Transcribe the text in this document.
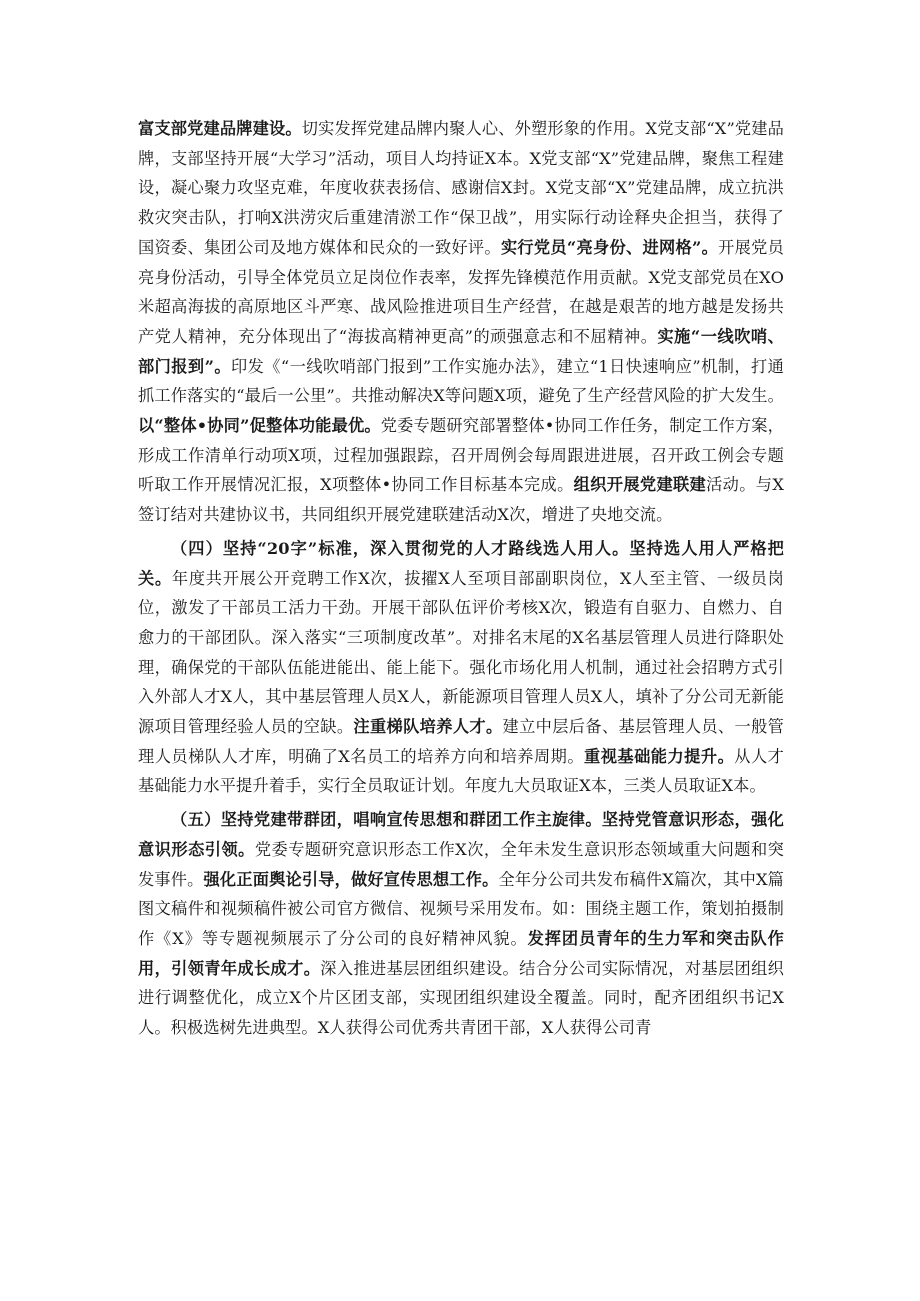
富支部党建品牌建设。切实发挥党建品牌内聚人心、外塑形象的作用。X党支部“X”党建品牌，支部坚持开展“大学习”活动，项目人均持证X本。X党支部“X”党建品牌，聚焦工程建设，凝心聚力攻坚克难，年度收获表扬信、感谢信X封。X党支部“X”党建品牌，成立抗洪救灾突击队，打响X洪涝灾后重建清淤工作“保卫战”，用实际行动诠释央企担当，获得了国资委、集团公司及地方媒体和民众的一致好评。实行党员“亮身份、进网格”。开展党员亮身份活动，引导全体党员立足岗位作表率，发挥先锋模范作用贡献。X党支部党员在XO米超高海拔的高原地区斗严寒、战风险推进项目生产经营，在越是艰苦的地方越是发扬共产党人精神，充分体现出了“海拔高精神更高”的顽强意志和不屈精神。实施“一线吹哨、部门报到”。印发《“一线吹哨部门报到”工作实施办法》，建立“1日快速响应”机制，打通抓工作落实的“最后一公里”。共推动解决X等问题X项，避免了生产经营风险的扩大发生。以“整体•协同”促整体功能最优。党委专题研究部署整体•协同工作任务，制定工作方案，形成工作清单行动项X项，过程加强跟踪，召开周例会每周跟进进展，召开政工例会专题听取工作开展情况汇报，X项整体•协同工作目标基本完成。组织开展党建联建活动。与X签订结对共建协议书，共同组织开展党建联建活动X次，增进了央地交流。

（四）坚持“20字”标准，深入贯彻党的人才路线选人用人。坚持选人用人严格把关。年度共开展公开竞聘工作X次，拔擢X人至项目部副职岗位，X人至主管、一级员岗位，激发了干部员工活力干劲。开展干部队伍评价考核X次，锻造有自驱力、自燃力、自愈力的干部团队。深入落实“三项制度改革”。对排名末尾的X名基层管理人员进行降职处理，确保党的干部队伍能进能出、能上能下。强化市场化用人机制，通过社会招聘方式引入外部人才X人，其中基层管理人员X人，新能源项目管理人员X人，填补了分公司无新能源项目管理经验人员的空缺。注重梯队培养人才。建立中层后备、基层管理人员、一般管理人员梯队人才库，明确了X名员工的培养方向和培养周期。重视基础能力提升。从人才基础能力水平提升着手，实行全员取证计划。年度九大员取证X本，三类人员取证X本。

（五）坚持党建带群团，唱响宣传思想和群团工作主旋律。坚持党管意识形态，强化意识形态引领。党委专题研究意识形态工作X次，全年未发生意识形态领域重大问题和突发事件。强化正面舆论引导，做好宣传思想工作。全年分公司共发布稿件X篇次，其中X篇图文稿件和视频稿件被公司官方微信、视频号采用发布。如：围绕主题工作，策划拍摄制作《X》等专题视频展示了分公司的良好精神风貌。发挥团员青年的生力军和突击队作用，引领青年成长成才。深入推进基层团组织建设。结合分公司实际情况，对基层团组织进行调整优化，成立X个片区团支部，实现团组织建设全覆盖。同时，配齐团组织书记X人。积极选树先进典型。X人获得公司优秀共青团干部，X人获得公司青
